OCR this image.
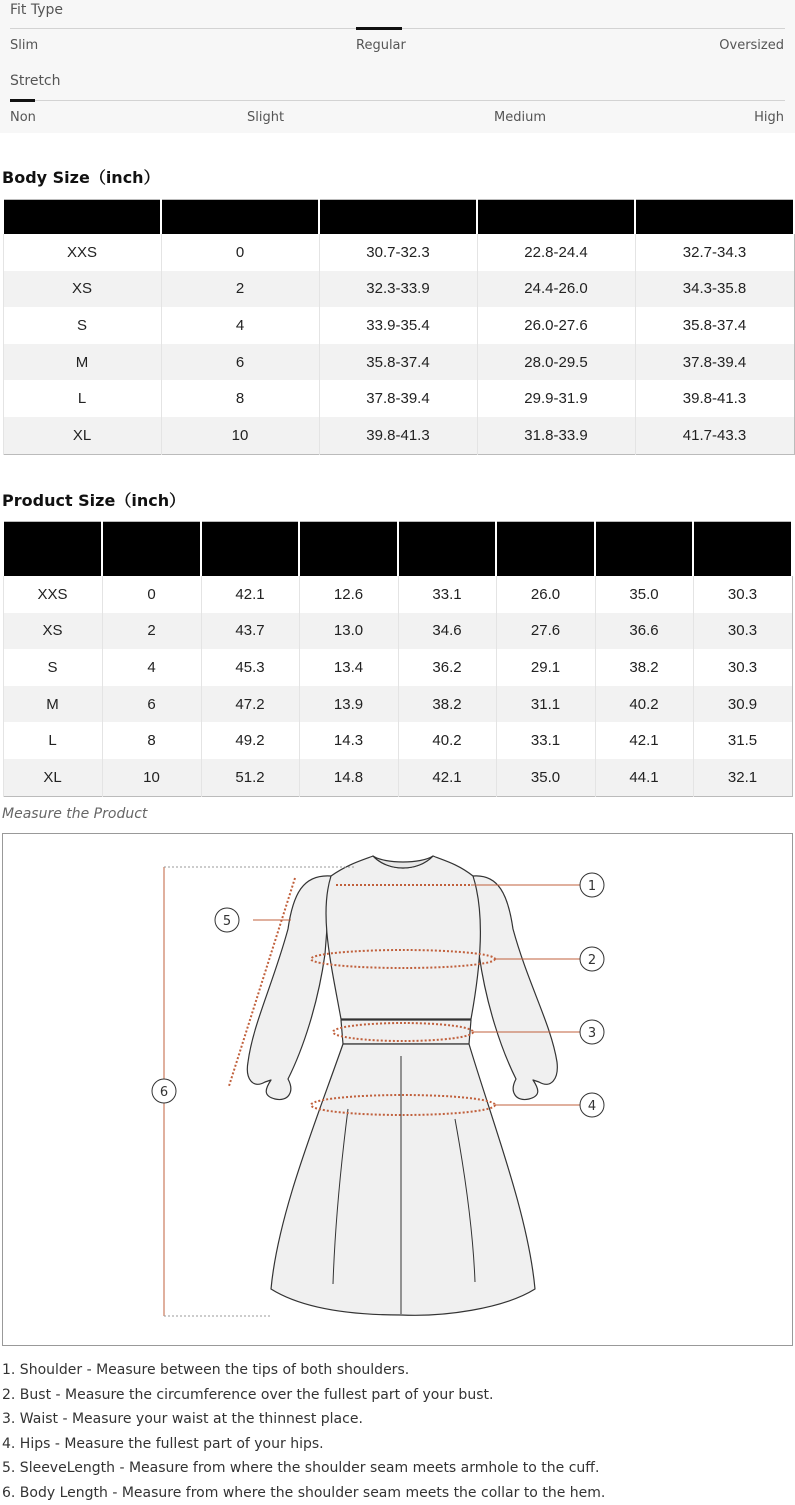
Fit Type
Slim	Regular	Oversized
Stretch
Non	Slight	Medium	High
Body Size（inch）

XXS	0	30.7-32.3	22.8-24.4	32.7-34.3
XS	2	32.3-33.9	24.4-26.0	34.3-35.8
S	4	33.9-35.4	26.0-27.6	35.8-37.4
M	6	35.8-37.4	28.0-29.5	37.8-39.4
L	8	37.8-39.4	29.9-31.9	39.8-41.3
XL	10	39.8-41.3	31.8-33.9	41.7-43.3
Product Size（inch）

XXS	0	42.1	12.6	33.1	26.0	35.0	30.3
XS	2	43.7	13.0	34.6	27.6	36.6	30.3
S	4	45.3	13.4	36.2	29.1	38.2	30.3
M	6	47.2	13.9	38.2	31.1	40.2	30.9
L	8	49.2	14.3	40.2	33.1	42.1	31.5
XL	10	51.2	14.8	42.1	35.0	44.1	32.1
Measure the Product
1
2
3
4
5
6
1. Shoulder - Measure between the tips of both shoulders.
2. Bust - Measure the circumference over the fullest part of your bust.
3. Waist - Measure your waist at the thinnest place.
4. Hips - Measure the fullest part of your hips.
5. SleeveLength - Measure from where the shoulder seam meets armhole to the cuff.
6. Body Length - Measure from where the shoulder seam meets the collar to the hem.
